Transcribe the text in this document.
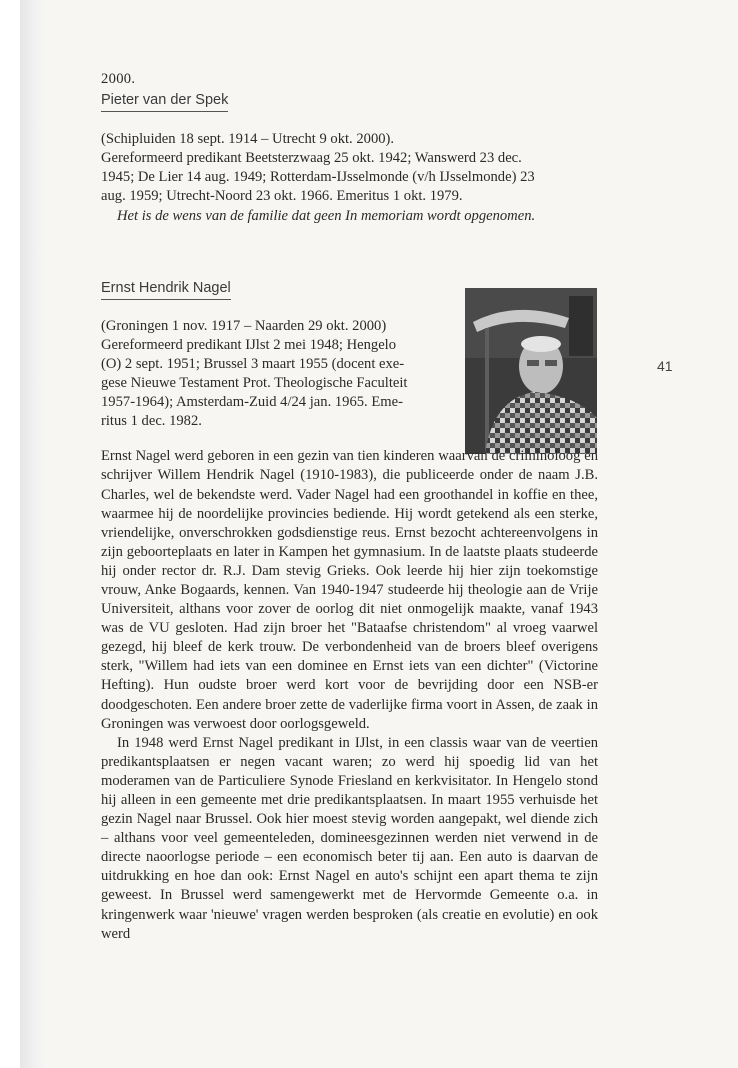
41
2000.
Pieter van der Spek
(Schipluiden 18 sept. 1914 – Utrecht 9 okt. 2000).
Gereformeerd predikant Beetsterzwaag 25 okt. 1942; Wanswerd 23 dec.
1945; De Lier 14 aug. 1949; Rotterdam-IJsselmonde (v/h IJsselmonde) 23
aug. 1959; Utrecht-Noord 23 okt. 1966. Emeritus 1 okt. 1979.

Het is de wens van de familie dat geen In memoriam wordt opgenomen.

Ernst Hendrik Nagel
(Groningen 1 nov. 1917 – Naarden 29 okt. 2000)
Gereformeerd predikant IJlst 2 mei 1948; Hengelo
(O) 2 sept. 1951; Brussel 3 maart 1955 (docent exe-
gese Nieuwe Testament Prot. Theologische Faculteit
1957-1964); Amsterdam-Zuid 4/24 jan. 1965. Eme-
ritus 1 dec. 1982.

Ernst Nagel werd geboren in een gezin van tien kinderen waarvan de criminoloog en schrijver Willem Hendrik Nagel (1910-1983), die publiceerde onder de naam J.B. Charles, wel de bekendste werd. Vader Nagel had een groothandel in koffie en thee, waarmee hij de noordelijke provincies bediende. Hij wordt getekend als een sterke, vriendelijke, onverschrokken godsdienstige reus. Ernst bezocht achtereenvolgens in zijn geboorteplaats en later in Kampen het gymnasium. In de laatste plaats studeerde hij onder rector dr. R.J. Dam stevig Grieks. Ook leerde hij hier zijn toekomstige vrouw, Anke Bogaards, kennen. Van 1940-1947 studeerde hij theologie aan de Vrije Universiteit, althans voor zover de oorlog dit niet onmogelijk maakte, vanaf 1943 was de VU gesloten. Had zijn broer het "Bataafse christendom" al vroeg vaarwel gezegd, hij bleef de kerk trouw. De verbondenheid van de broers bleef overigens sterk, "Willem had iets van een dominee en Ernst iets van een dichter" (Victorine Hefting). Hun oudste broer werd kort voor de bevrijding door een NSB-er doodgeschoten. Een andere broer zette de vaderlijke firma voort in Assen, de zaak in Groningen was verwoest door oorlogsgeweld.

In 1948 werd Ernst Nagel predikant in IJlst, in een classis waar van de veertien predikantsplaatsen er negen vacant waren; zo werd hij spoedig lid van het moderamen van de Particuliere Synode Friesland en kerkvisitator. In Hengelo stond hij alleen in een gemeente met drie predikantsplaatsen. In maart 1955 verhuisde het gezin Nagel naar Brussel. Ook hier moest stevig worden aangepakt, wel diende zich – althans voor veel gemeenteleden, domineesgezinnen werden niet verwend in de directe naoorlogse periode – een economisch beter tij aan. Een auto is daarvan de uitdrukking en hoe dan ook: Ernst Nagel en auto's schijnt een apart thema te zijn geweest. In Brussel werd samengewerkt met de Hervormde Gemeente o.a. in kringenwerk waar 'nieuwe' vragen werden besproken (als creatie en evolutie) en ook werd
